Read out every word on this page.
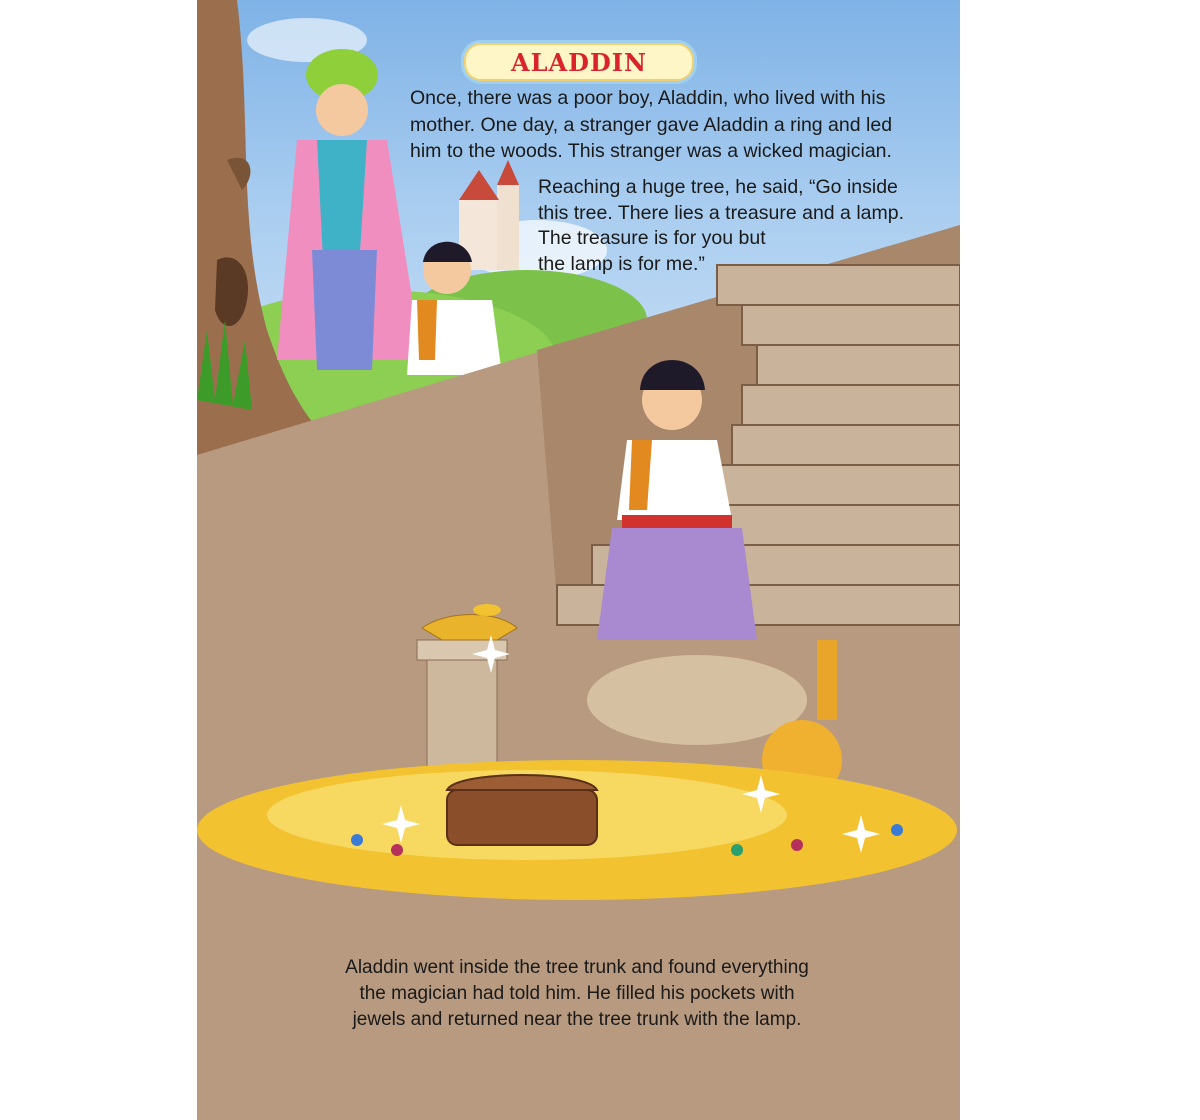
ALADDIN
Once, there was a poor boy, Aladdin, who lived with his
mother. One day, a stranger gave Aladdin a ring and led
him to the woods. This stranger was a wicked magician.
Reaching a huge tree, he said, “Go inside
this tree. There lies a treasure and a lamp.
The treasure is for you but
the lamp is for me.”
Aladdin went inside the tree trunk and found everything
the magician had told him. He filled his pockets with
jewels and returned near the tree trunk with the lamp.
